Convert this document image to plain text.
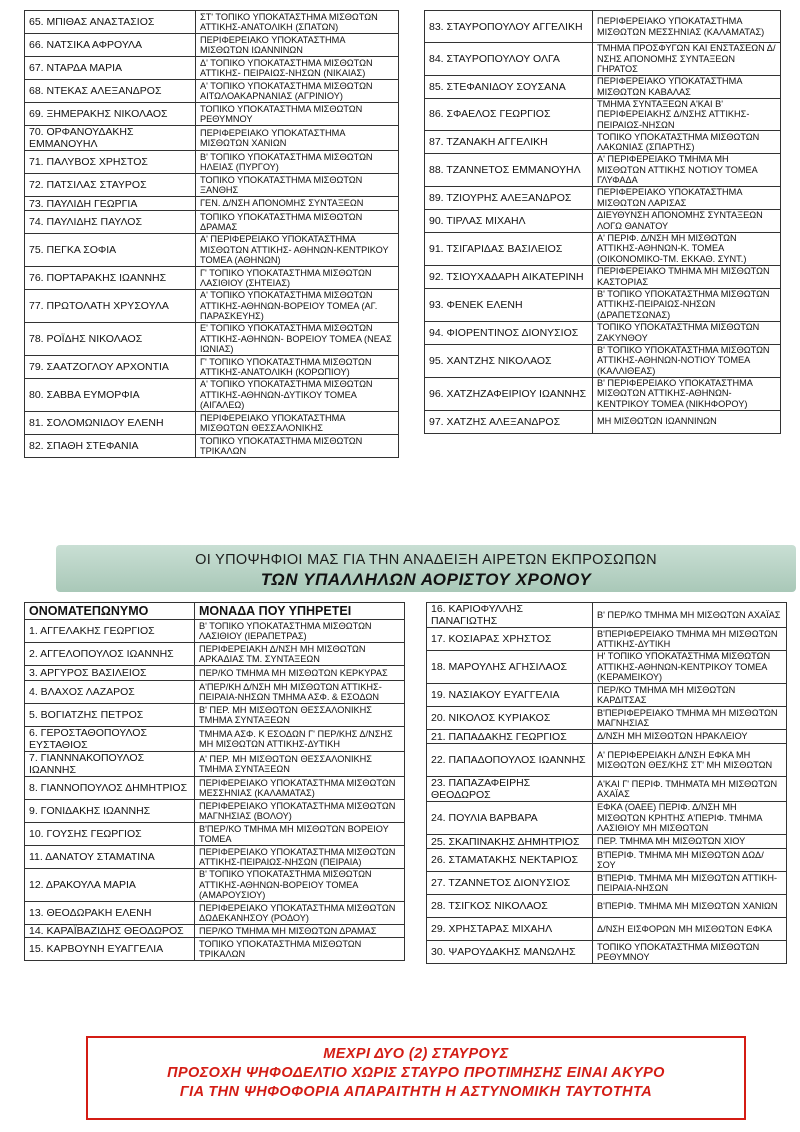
65. ΜΠΙΘΑΣ ΑΝΑΣΤΑΣΙΟΣ	ΣΤ' ΤΟΠΙΚΟ ΥΠΟΚΑΤΑΣΤΗΜΑ ΜΙΣΘΩΤΩΝ ΑΤΤΙΚΗΣ-ΑΝΑΤΟΛΙΚΗ (ΣΠΑΤΩΝ)
66. ΝΑΤΣΙΚΑ ΑΦΡΟΥΛΑ	ΠΕΡΙΦΕΡΕΙΑΚΟ ΥΠΟΚΑΤΑΣΤΗΜΑ ΜΙΣΘΩΤΩΝ ΙΩΑΝΝΙΝΩΝ
67. ΝΤΑΡΔΑ ΜΑΡΙΑ	Δ' ΤΟΠΙΚΟ ΥΠΟΚΑΤΑΣΤΗΜΑ ΜΙΣΘΩΤΩΝ ΑΤΤΙΚΗΣ- ΠΕΙΡΑΙΩΣ-ΝΗΣΩΝ (ΝΙΚΑΙΑΣ)
68. ΝΤΕΚΑΣ ΑΛΕΞΑΝΔΡΟΣ	Α' ΤΟΠΙΚΟ ΥΠΟΚΑΤΑΣΤΗΜΑ ΜΙΣΘΩΤΩΝ ΑΙΤΩΛΟΑΚΑΡΝΑΝΙΑΣ (ΑΓΡΙΝΙΟΥ)
69. ΞΗΜΕΡΑΚΗΣ ΝΙΚΟΛΑΟΣ	ΤΟΠΙΚΟ ΥΠΟΚΑΤΑΣΤΗΜΑ ΜΙΣΘΩΤΩΝ ΡΕΘΥΜΝΟΥ
70. ΟΡΦΑΝΟΥΔΑΚΗΣ ΕΜΜΑΝΟΥΗΛ	ΠΕΡΙΦΕΡΕΙΑΚΟ ΥΠΟΚΑΤΑΣΤΗΜΑ ΜΙΣΘΩΤΩΝ ΧΑΝΙΩΝ
71. ΠΑΛΥΒΟΣ ΧΡΗΣΤΟΣ	Β' ΤΟΠΙΚΟ ΥΠΟΚΑΤΑΣΤΗΜΑ ΜΙΣΘΩΤΩΝ ΗΛΕΙΑΣ (ΠΥΡΓΟΥ)
72. ΠΑΤΣΙΛΑΣ ΣΤΑΥΡΟΣ	ΤΟΠΙΚΟ ΥΠΟΚΑΤΑΣΤΗΜΑ ΜΙΣΘΩΤΩΝ ΞΑΝΘΗΣ
73. ΠΑΥΛΙΔΗ ΓΕΩΡΓΙΑ	ΓΕΝ. Δ/ΝΣΗ ΑΠΟΝΟΜΗΣ ΣΥΝΤΑΞΕΩΝ
74. ΠΑΥΛΙΔΗΣ ΠΑΥΛΟΣ	ΤΟΠΙΚΟ ΥΠΟΚΑΤΑΣΤΗΜΑ ΜΙΣΘΩΤΩΝ ΔΡΑΜΑΣ
75. ΠΕΓΚΑ ΣΟΦΙΑ	Α' ΠΕΡΙΦΕΡΕΙΑΚΟ ΥΠΟΚΑΤΑΣΤΗΜΑ ΜΙΣΘΩΤΩΝ ΑΤΤΙΚΗΣ- ΑΘΗΝΩΝ-ΚΕΝΤΡΙΚΟΥ ΤΟΜΕΑ (ΑΘΗΝΩΝ)
76. ΠΟΡΤΑΡΑΚΗΣ ΙΩΑΝΝΗΣ	Γ' ΤΟΠΙΚΟ ΥΠΟΚΑΤΑΣΤΗΜΑ ΜΙΣΘΩΤΩΝ ΛΑΣΙΘΙΟΥ (ΣΗΤΕΙΑΣ)
77. ΠΡΩΤΟΛΑΤΗ ΧΡΥΣΟΥΛΑ	Α' ΤΟΠΙΚΟ ΥΠΟΚΑΤΑΣΤΗΜΑ ΜΙΣΘΩΤΩΝ ΑΤΤΙΚΗΣ-ΑΘΗΝΩΝ-ΒΟΡΕΙΟΥ ΤΟΜΕΑ (ΑΓ. ΠΑΡΑΣΚΕΥΗΣ)
78. ΡΟΪΔΗΣ ΝΙΚΟΛΑΟΣ	Ε' ΤΟΠΙΚΟ ΥΠΟΚΑΤΑΣΤΗΜΑ ΜΙΣΘΩΤΩΝ ΑΤΤΙΚΗΣ-ΑΘΗΝΩΝ- ΒΟΡΕΙΟΥ ΤΟΜΕΑ (ΝΕΑΣ ΙΩΝΙΑΣ)
79. ΣΑΑΤΖΟΓΛΟΥ ΑΡΧΟΝΤΙΑ	Γ' ΤΟΠΙΚΟ ΥΠΟΚΑΤΑΣΤΗΜΑ ΜΙΣΘΩΤΩΝ ΑΤΤΙΚΗΣ-ΑΝΑΤΟΛΙΚΗ (ΚΟΡΩΠΙΟΥ)
80. ΣΑΒΒΑ ΕΥΜΟΡΦΙΑ	Α' ΤΟΠΙΚΟ ΥΠΟΚΑΤΑΣΤΗΜΑ ΜΙΣΘΩΤΩΝ ΑΤΤΙΚΗΣ-ΑΘΗΝΩΝ-ΔΥΤΙΚΟΥ ΤΟΜΕΑ (ΑΙΓΑΛΕΩ)
81. ΣΟΛΟΜΩΝΙΔΟΥ ΕΛΕΝΗ	ΠΕΡΙΦΕΡΕΙΑΚΟ ΥΠΟΚΑΤΑΣΤΗΜΑ ΜΙΣΘΩΤΩΝ ΘΕΣΣΑΛΟΝΙΚΗΣ
82. ΣΠΑΘΗ ΣΤΕΦΑΝΙΑ	ΤΟΠΙΚΟ ΥΠΟΚΑΤΑΣΤΗΜΑ ΜΙΣΘΩΤΩΝ ΤΡΙΚΑΛΩΝ
83. ΣΤΑΥΡΟΠΟΥΛΟΥ ΑΓΓΕΛΙΚΗ	ΠΕΡΙΦΕΡΕΙΑΚΟ ΥΠΟΚΑΤΑΣΤΗΜΑ ΜΙΣΘΩΤΩΝ ΜΕΣΣΗΝΙΑΣ (ΚΑΛΑΜΑΤΑΣ)
84. ΣΤΑΥΡΟΠΟΥΛΟΥ ΟΛΓΑ	ΤΜΗΜΑ ΠΡΟΣΦΥΓΩΝ ΚΑΙ ΕΝΣΤΑΣΕΩΝ Δ/ΝΣΗΣ ΑΠΟΝΟΜΗΣ ΣΥΝΤΑΞΕΩΝ ΓΗΡΑΤΟΣ
85. ΣΤΕΦΑΝΙΔΟΥ ΣΟΥΣΑΝΑ	ΠΕΡΙΦΕΡΕΙΑΚΟ ΥΠΟΚΑΤΑΣΤΗΜΑ ΜΙΣΘΩΤΩΝ ΚΑΒΑΛΑΣ
86. ΣΦΑΕΛΟΣ ΓΕΩΡΓΙΟΣ	ΤΜΗΜΑ ΣΥΝΤΑΞΕΩΝ Α'ΚΑΙ Β' ΠΕΡΙΦΕΡΕΙΑΚΗΣ Δ/ΝΣΗΣ ΑΤΤΙΚΗΣ-ΠΕΙΡΑΙΩΣ-ΝΗΣΩΝ
87. ΤΖΑΝΑΚΗ ΑΓΓΕΛΙΚΗ	ΤΟΠΙΚΟ ΥΠΟΚΑΤΑΣΤΗΜΑ ΜΙΣΘΩΤΩΝ ΛΑΚΩΝΙΑΣ (ΣΠΑΡΤΗΣ)
88. ΤΖΑΝΝΕΤΟΣ ΕΜΜΑΝΟΥΗΛ	Α' ΠΕΡΙΦΕΡΕΙΑΚΟ ΤΜΗΜΑ ΜΗ ΜΙΣΘΩΤΩΝ ΑΤΤΙΚΗΣ ΝΟΤΙΟΥ ΤΟΜΕΑ ΓΛΥΦΑΔΑ
89. ΤΖΙΟΥΡΗΣ ΑΛΕΞΑΝΔΡΟΣ	ΠΕΡΙΦΕΡΕΙΑΚΟ ΥΠΟΚΑΤΑΣΤΗΜΑ ΜΙΣΘΩΤΩΝ ΛΑΡΙΣΑΣ
90. ΤΙΡΛΑΣ ΜΙΧΑΗΛ	ΔΙΕΥΘΥΝΣΗ ΑΠΟΝΟΜΗΣ ΣΥΝΤΑΞΕΩΝ ΛΟΓΩ ΘΑΝΑΤΟΥ
91. ΤΣΙΓΑΡΙΔΑΣ ΒΑΣΙΛΕΙΟΣ	Α' ΠΕΡΙΦ. Δ/ΝΣΗ ΜΗ ΜΙΣΘΩΤΩΝ ΑΤΤΙΚΗΣ-ΑΘΗΝΩΝ-Κ. ΤΟΜΕΑ (ΟΙΚΟΝΟΜΙΚΟ-ΤΜ. ΕΚΚΑΘ. ΣΥΝΤ.)
92. ΤΣΙΟΥΧΑΔΑΡΗ ΑΙΚΑΤΕΡΙΝΗ	ΠΕΡΙΦΕΡΕΙΑΚΟ ΤΜΗΜΑ ΜΗ ΜΙΣΘΩΤΩΝ ΚΑΣΤΟΡΙΑΣ
93. ΦΕΝΕΚ ΕΛΕΝΗ	Β' ΤΟΠΙΚΟ ΥΠΟΚΑΤΑΣΤΗΜΑ ΜΙΣΘΩΤΩΝ ΑΤΤΙΚΗΣ-ΠΕΙΡΑΙΩΣ-ΝΗΣΩΝ (ΔΡΑΠΕΤΣΩΝΑΣ)
94. ΦΙΟΡΕΝΤΙΝΟΣ ΔΙΟΝΥΣΙΟΣ	ΤΟΠΙΚΟ ΥΠΟΚΑΤΑΣΤΗΜΑ ΜΙΣΘΩΤΩΝ ΖΑΚΥΝΘΟΥ
95. ΧΑΝΤΖΗΣ ΝΙΚΟΛΑΟΣ	Β' ΤΟΠΙΚΟ ΥΠΟΚΑΤΑΣΤΗΜΑ ΜΙΣΘΩΤΩΝ ΑΤΤΙΚΗΣ-ΑΘΗΝΩΝ-ΝΟΤΙΟΥ ΤΟΜΕΑ (ΚΑΛΛΙΘΕΑΣ)
96. ΧΑΤΖΗΖΑΦΕΙΡΙΟΥ ΙΩΑΝΝΗΣ	Β' ΠΕΡΙΦΕΡΕΙΑΚΟ ΥΠΟΚΑΤΑΣΤΗΜΑ ΜΙΣΘΩΤΩΝ ΑΤΤΙΚΗΣ-ΑΘΗΝΩΝ-ΚΕΝΤΡΙΚΟΥ ΤΟΜΕΑ (ΝΙΚΗΦΟΡΟΥ)
97. ΧΑΤΖΗΣ ΑΛΕΞΑΝΔΡΟΣ	ΜΗ ΜΙΣΘΩΤΩΝ ΙΩΑΝΝΙΝΩΝ
ΟΙ ΥΠΟΨΗΦΙΟΙ ΜΑΣ ΓΙΑ ΤΗΝ ΑΝΑΔΕΙΞΗ ΑΙΡΕΤΩΝ ΕΚΠΡΟΣΩΠΩΝ
ΤΩΝ ΥΠΑΛΛΗΛΩΝ ΑΟΡΙΣΤΟΥ ΧΡΟΝΟΥ
ΟΝΟΜΑΤΕΠΩΝΥΜΟ	ΜΟΝΑΔΑ ΠΟΥ ΥΠΗΡΕΤΕΙ
1. ΑΓΓΕΛΑΚΗΣ ΓΕΩΡΓΙΟΣ	Β' ΤΟΠΙΚΟ ΥΠΟΚΑΤΑΣΤΗΜΑ ΜΙΣΘΩΤΩΝ ΛΑΣΙΘΙΟΥ (ΙΕΡΑΠΕΤΡΑΣ)
2. ΑΓΓΕΛΟΠΟΥΛΟΣ ΙΩΑΝΝΗΣ	ΠΕΡΙΦΕΡΕΙΑΚΗ Δ/ΝΣΗ ΜΗ ΜΙΣΘΩΤΩΝ ΑΡΚΑΔΙΑΣ ΤΜ. ΣΥΝΤΑΞΕΩΝ
3. ΑΡΓΥΡΟΣ ΒΑΣΙΛΕΙΟΣ	ΠΕΡ/ΚΟ ΤΜΗΜΑ ΜΗ ΜΙΣΘΩΤΩΝ ΚΕΡΚΥΡΑΣ
4. ΒΛΑΧΟΣ ΛΑΖΑΡΟΣ	Α'ΠΕΡ/ΚΗ Δ/ΝΣΗ ΜΗ ΜΙΣΘΩΤΩΝ ΑΤΤΙΚΗΣ-ΠΕΙΡΑΙΑ-ΝΗΣΩΝ ΤΜΗΜΑ ΑΣΦ. & ΕΣΟΔΩΝ
5. ΒΟΓΙΑΤΖΗΣ ΠΕΤΡΟΣ	Β' ΠΕΡ. ΜΗ ΜΙΣΘΩΤΩΝ ΘΕΣΣΑΛΟΝΙΚΗΣ ΤΜΗΜΑ ΣΥΝΤΑΞΕΩΝ
6. ΓΕΡΟΣΤΑΘΟΠΟΥΛΟΣ ΕΥΣΤΑΘΙΟΣ	ΤΜΗΜΑ ΑΣΦ. Κ ΕΣΟΔΩΝ Γ' ΠΕΡ/ΚΗΣ Δ/ΝΣΗΣ ΜΗ ΜΙΣΘΩΤΩΝ ΑΤΤΙΚΗΣ-ΔΥΤΙΚΗ
7. ΓΙΑΝΝΝΑΚΟΠΟΥΛΟΣ ΙΩΑΝΝΗΣ	Α' ΠΕΡ. ΜΗ ΜΙΣΘΩΤΩΝ ΘΕΣΣΑΛΟΝΙΚΗΣ ΤΜΗΜΑ ΣΥΝΤΑΞΕΩΝ
8. ΓΙΑΝΝΟΠΟΥΛΟΣ ΔΗΜΗΤΡΙΟΣ	ΠΕΡΙΦΕΡΕΙΑΚΟ ΥΠΟΚΑΤΑΣΤΗΜΑ ΜΙΣΘΩΤΩΝ ΜΕΣΣΗΝΙΑΣ (ΚΑΛΑΜΑΤΑΣ)
9. ΓΟΝΙΔΑΚΗΣ ΙΩΑΝΝΗΣ	ΠΕΡΙΦΕΡΕΙΑΚΟ ΥΠΟΚΑΤΑΣΤΗΜΑ ΜΙΣΘΩΤΩΝ ΜΑΓΝΗΣΙΑΣ (ΒΟΛΟΥ)
10. ΓΟΥΣΗΣ ΓΕΩΡΓΙΟΣ	Β'ΠΕΡ/ΚΟ ΤΜΗΜΑ ΜΗ ΜΙΣΘΩΤΩΝ ΒΟΡΕΙΟΥ ΤΟΜΕΑ
11. ΔΑΝΑΤΟΥ ΣΤΑΜΑΤΙΝΑ	ΠΕΡΙΦΕΡΕΙΑΚΟ ΥΠΟΚΑΤΑΣΤΗΜΑ ΜΙΣΘΩΤΩΝ ΑΤΤΙΚΗΣ-ΠΕΙΡΑΙΩΣ-ΝΗΣΩΝ (ΠΕΙΡΑΙΑ)
12. ΔΡΑΚΟΥΛΑ ΜΑΡΙΑ	Β' ΤΟΠΙΚΟ ΥΠΟΚΑΤΑΣΤΗΜΑ ΜΙΣΘΩΤΩΝ ΑΤΤΙΚΗΣ-ΑΘΗΝΩΝ-ΒΟΡΕΙΟΥ ΤΟΜΕΑ (ΑΜΑΡΟΥΣΙΟΥ)
13. ΘΕΟΔΩΡΑΚΗ ΕΛΕΝΗ	ΠΕΡΙΦΕΡΕΙΑΚΟ ΥΠΟΚΑΤΑΣΤΗΜΑ ΜΙΣΘΩΤΩΝ ΔΩΔΕΚΑΝΗΣΟΥ (ΡΟΔΟΥ)
14. ΚΑΡΑΪΒΑΖΙΔΗΣ ΘΕΟΔΩΡΟΣ	ΠΕΡ/ΚΟ ΤΜΗΜΑ ΜΗ ΜΙΣΘΩΤΩΝ ΔΡΑΜΑΣ
15. ΚΑΡΒΟΥΝΗ ΕΥΑΓΓΕΛΙΑ	ΤΟΠΙΚΟ ΥΠΟΚΑΤΑΣΤΗΜΑ ΜΙΣΘΩΤΩΝ ΤΡΙΚΑΛΩΝ
16. ΚΑΡΙΟΦΥΛΛΗΣ ΠΑΝΑΓΙΩΤΗΣ	Β' ΠΕΡ/ΚΟ ΤΜΗΜΑ ΜΗ ΜΙΣΘΩΤΩΝ ΑΧΑΪΑΣ
17. ΚΟΣΙΑΡΑΣ ΧΡΗΣΤΟΣ	Β'ΠΕΡΙΦΕΡΕΙΑΚΟ ΤΜΗΜΑ ΜΗ ΜΙΣΘΩΤΩΝ ΑΤΤΙΚΗΣ-ΔΥΤΙΚΗ
18. ΜΑΡΟΥΛΗΣ ΑΓΗΣΙΛΑΟΣ	Η' ΤΟΠΙΚΟ ΥΠΟΚΑΤΑΣΤΗΜΑ ΜΙΣΘΩΤΩΝ ΑΤΤΙΚΗΣ-ΑΘΗΝΩΝ-ΚΕΝΤΡΙΚΟΥ ΤΟΜΕΑ (ΚΕΡΑΜΕΙΚΟΥ)
19. ΝΑΣΙΑΚΟΥ ΕΥΑΓΓΕΛΙΑ	ΠΕΡ/ΚΟ ΤΜΗΜΑ ΜΗ ΜΙΣΘΩΤΩΝ ΚΑΡΔΙΤΣΑΣ
20. ΝΙΚΟΛΟΣ ΚΥΡΙΑΚΟΣ	Β'ΠΕΡΙΦΕΡΕΙΑΚΟ ΤΜΗΜΑ ΜΗ ΜΙΣΘΩΤΩΝ ΜΑΓΝΗΣΙΑΣ
21. ΠΑΠΑΔΑΚΗΣ ΓΕΩΡΓΙΟΣ	Δ/ΝΣΗ ΜΗ ΜΙΣΘΩΤΩΝ ΗΡΑΚΛΕΙΟΥ
22. ΠΑΠΑΔΟΠΟΥΛΟΣ ΙΩΑΝΝΗΣ	Α' ΠΕΡΙΦΕΡΕΙΑΚΗ Δ/ΝΣΗ ΕΦΚΑ ΜΗ ΜΙΣΘΩΤΩΝ ΘΕΣ/ΚΗΣ ΣΤ' ΜΗ ΜΙΣΘΩΤΩΝ
23. ΠΑΠΑΖΑΦΕΙΡΗΣ ΘΕΟΔΩΡΟΣ	Α'ΚΑΙ Γ' ΠΕΡΙΦ. ΤΜΗΜΑΤΑ ΜΗ ΜΙΣΘΩΤΩΝ ΑΧΑΪΑΣ
24. ΠΟΥΛΙΑ ΒΑΡΒΑΡΑ	ΕΦΚΑ (ΟΑΕΕ) ΠΕΡΙΦ. Δ/ΝΣΗ ΜΗ ΜΙΣΘΩΤΩΝ ΚΡΗΤΗΣ Α'ΠΕΡΙΦ. ΤΜΗΜΑ ΛΑΣΙΘΙΟΥ ΜΗ ΜΙΣΘΩΤΩΝ
25. ΣΚΑΠΙΝΑΚΗΣ ΔΗΜΗΤΡΙΟΣ	ΠΕΡ. ΤΜΗΜΑ ΜΗ ΜΙΣΘΩΤΩΝ ΧΙΟΥ
26. ΣΤΑΜΑΤΑΚΗΣ ΝΕΚΤΑΡΙΟΣ	Β'ΠΕΡΙΦ. ΤΜΗΜΑ ΜΗ ΜΙΣΘΩΤΩΝ ΔΩΔ/ΣΟΥ
27. ΤΖΑΝΝΕΤΟΣ ΔΙΟΝΥΣΙΟΣ	Β'ΠΕΡΙΦ. ΤΜΗΜΑ ΜΗ ΜΙΣΘΩΤΩΝ ΑΤΤΙΚΗ-ΠΕΙΡΑΙΑ-ΝΗΣΩΝ
28. ΤΣΙΓΚΟΣ ΝΙΚΟΛΑΟΣ	Β'ΠΕΡΙΦ. ΤΜΗΜΑ ΜΗ ΜΙΣΘΩΤΩΝ ΧΑΝΙΩΝ
29. ΧΡΗΣΤΑΡΑΣ ΜΙΧΑΗΛ	Δ/ΝΣΗ ΕΙΣΦΟΡΩΝ ΜΗ ΜΙΣΘΩΤΩΝ ΕΦΚΑ
30. ΨΑΡΟΥΔΑΚΗΣ ΜΑΝΩΛΗΣ	ΤΟΠΙΚΟ ΥΠΟΚΑΤΑΣΤΗΜΑ ΜΙΣΘΩΤΩΝ ΡΕΘΥΜΝΟΥ
ΜΕΧΡΙ ΔΥΟ (2) ΣΤΑΥΡΟΥΣ
ΠΡΟΣΟΧΗ ΨΗΦΟΔΕΛΤΙΟ ΧΩΡΙΣ ΣΤΑΥΡΟ ΠΡΟΤΙΜΗΣΗΣ ΕΙΝΑΙ ΑΚΥΡΟ
ΓΙΑ ΤΗΝ ΨΗΦΟΦΟΡΙΑ ΑΠΑΡΑΙΤΗΤΗ Η ΑΣΤΥΝΟΜΙΚΗ ΤΑΥΤΟΤΗΤΑ
